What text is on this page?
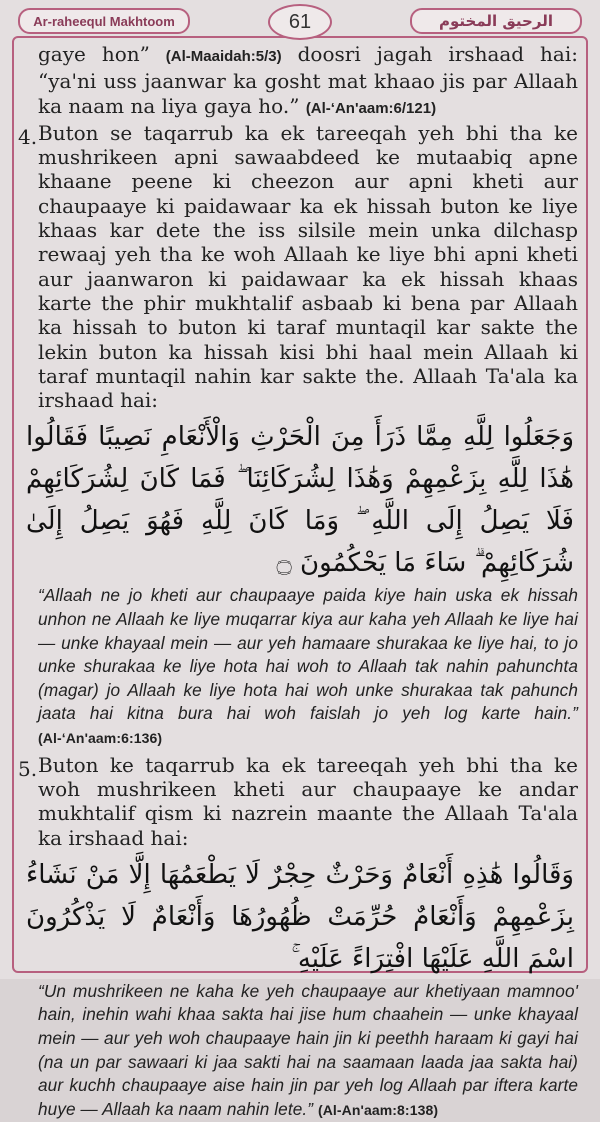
Ar-raheequl Makhtoom	61	الرحيق المختوم

gaye hon” (Al-Maaidah:5/3) doosri jagah irshaad hai: “ya'ni uss jaanwar ka gosht mat khaao jis par Allaah ka naam na liya gaya ho.” (Al-‘An'aam:6/121)

4. Buton se taqarrub ka ek tareeqah yeh bhi tha ke mushrikeen apni sawaabdeed ke mutaabiq apne khaane peene ki cheezon aur apni kheti aur chaupaaye ki paidawaar ka ek hissah buton ke liye khaas kar dete the iss silsile mein unka dilchasp rewaaj yeh tha ke woh Allaah ke liye bhi apni kheti aur jaanwaron ki paidawaar ka ek hissah khaas karte the phir mukhtalif asbaab ki bena par Allaah ka hissah to buton ki taraf muntaqil kar sakte the lekin buton ka hissah kisi bhi haal mein Allaah ki taraf muntaqil nahin kar sakte the. Allaah Ta'ala ka irshaad hai:

وَجَعَلُوا لِلَّهِ مِمَّا ذَرَأَ مِنَ الْحَرْثِ وَالْأَنْعَامِ نَصِيبًا فَقَالُوا هَٰذَا لِلَّهِ بِزَعْمِهِمْ وَهَٰذَا لِشُرَكَائِنَا ۖ فَمَا كَانَ لِشُرَكَائِهِمْ فَلَا يَصِلُ إِلَى اللَّهِ ۖ وَمَا كَانَ لِلَّهِ فَهُوَ يَصِلُ إِلَىٰ شُرَكَائِهِمْ ۗ سَاءَ مَا يَحْكُمُونَ ۝

“Allaah ne jo kheti aur chaupaaye paida kiye hain uska ek hissah unhon ne Allaah ke liye muqarrar kiya aur kaha yeh Allaah ke liye hai — unke khayaal mein — aur yeh hamaare shurakaa ke liye hai, to jo unke shurakaa ke liye hota hai woh to Allaah tak nahin pahunchta (magar) jo Allaah ke liye hota hai woh unke shurakaa tak pahunch jaata hai kitna bura hai woh faislah jo yeh log karte hain.” (Al-‘An'aam:6:136)

5. Buton ke taqarrub ka ek tareeqah yeh bhi tha ke woh mushrikeen kheti aur chaupaaye ke andar mukhtalif qism ki nazrein maante the Allaah Ta'ala ka irshaad hai:

وَقَالُوا هَٰذِهِ أَنْعَامٌ وَحَرْثٌ حِجْرٌ لَا يَطْعَمُهَا إِلَّا مَنْ نَشَاءُ بِزَعْمِهِمْ وَأَنْعَامٌ حُرِّمَتْ ظُهُورُهَا وَأَنْعَامٌ لَا يَذْكُرُونَ اسْمَ اللَّهِ عَلَيْهَا افْتِرَاءً عَلَيْهِ ۚ

“Un mushrikeen ne kaha ke yeh chaupaaye aur khetiyaan mamnoo' hain, inehin wahi khaa sakta hai jise hum chaahein — unke khayaal mein — aur yeh woh chaupaaye hain jin ki peethh haraam ki gayi hai (na un par sawaari ki jaa sakti hai na saamaan laada jaa sakta hai) aur kuchh chaupaaye aise hain jin par yeh log Allaah par iftera karte huye — Allaah ka naam nahin lete.” (Al-An'aam:8:138)
